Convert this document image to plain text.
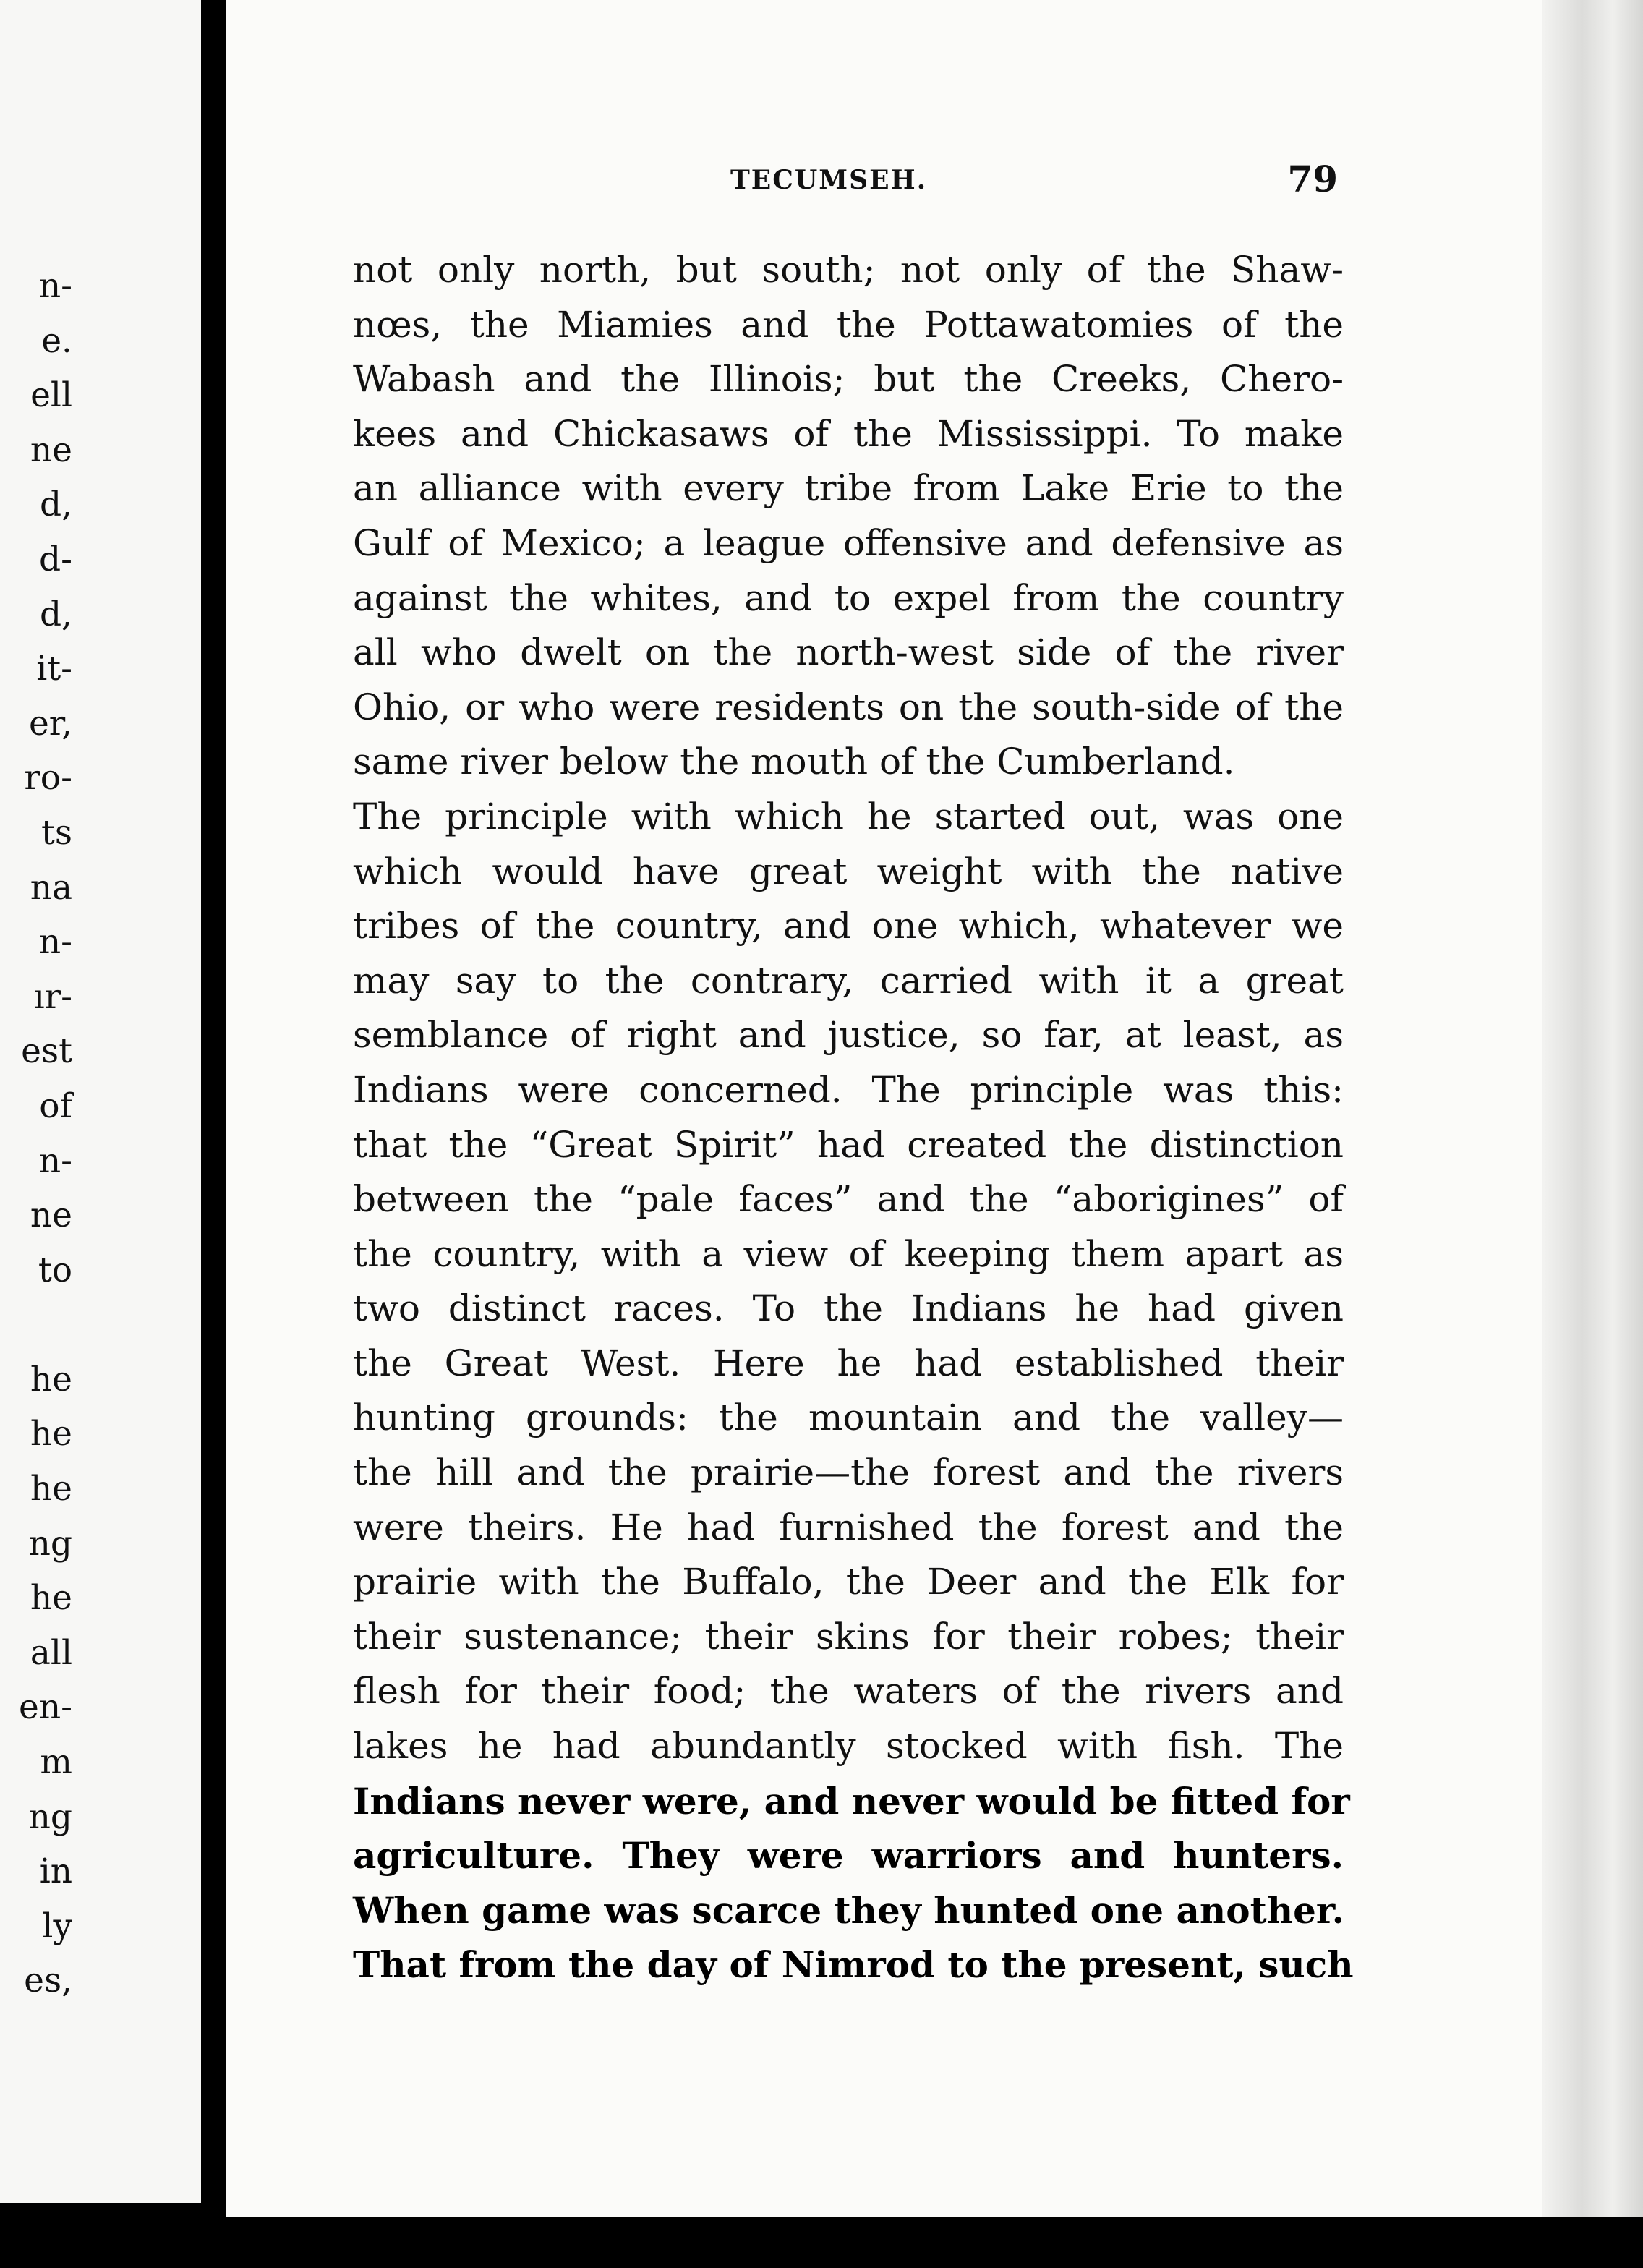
n-
e.
ell
ne
d,
d-
d,
it-
er,
ro-
ts
na
n-
ır-
est
of
n-
ne
to
he
he
he
ng
he
all
en-
m
ng
in
ly
es,
TECUMSEH.	79
not only north, but south; not only of the Shaw-
nœs, the Miamies and the Pottawatomies of the
Wabash and the Illinois; but the Creeks, Chero-
kees and Chickasaws of the Mississippi. To make
an alliance with every tribe from Lake Erie to the
Gulf of Mexico; a league offensive and defensive as
against the whites, and to expel from the country
all who dwelt on the north-west side of the river
Ohio, or who were residents on the south-side of the
same river below the mouth of the Cumberland.
The principle with which he started out, was one
which would have great weight with the native
tribes of the country, and one which, whatever we
may say to the contrary, carried with it a great
semblance of right and justice, so far, at least, as
Indians were concerned. The principle was this:
that the “Great Spirit” had created the distinction
between the “pale faces” and the “aborigines” of
the country, with a view of keeping them apart as
two distinct races. To the Indians he had given
the Great West. Here he had established their
hunting grounds: the mountain and the valley—
the hill and the prairie—the forest and the rivers
were theirs. He had furnished the forest and the
prairie with the Buffalo, the Deer and the Elk for
their sustenance; their skins for their robes; their
flesh for their food; the waters of the rivers and
lakes he had abundantly stocked with fish. The
Indians never were, and never would be fitted for
agriculture. They were warriors and hunters.
When game was scarce they hunted one another.
That from the day of Nimrod to the present, such
